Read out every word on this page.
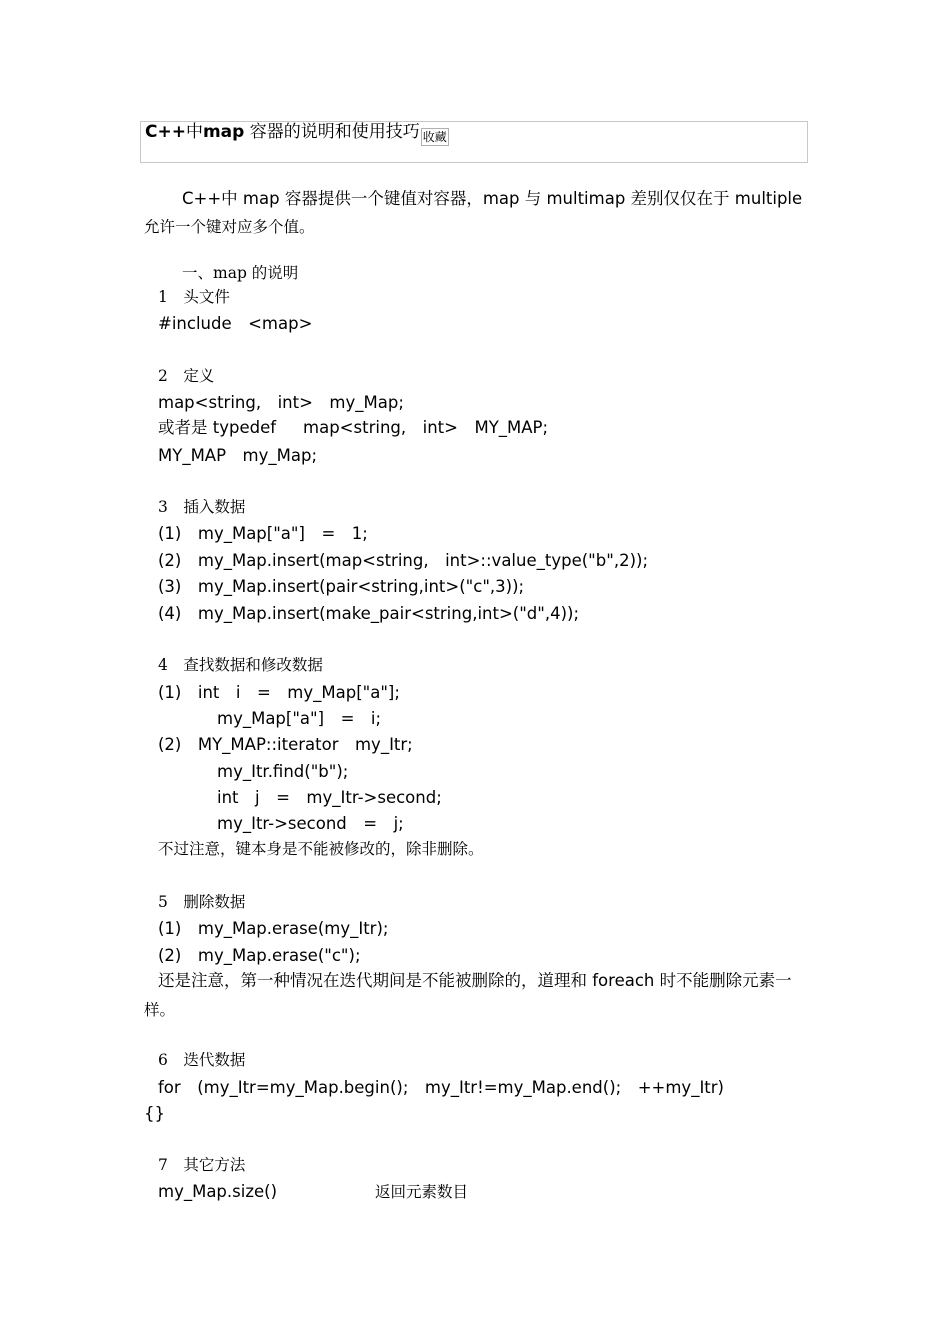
C++中map 容器的说明和使用技巧 收藏
C++中 map 容器提供一个键值对容器，map 与 multimap 差别仅仅在于 multiple
允许一个键对应多个值。
一、map 的说明
1　头文件
#include　<map>
2　定义
map<string,　int>　my_Map;
或者是 typedef　  map<string,　int>　MY_MAP;
MY_MAP　my_Map;
3　插入数据
(1)　my_Map["a"]　=　1;
(2)　my_Map.insert(map<string,　int>::value_type("b",2));
(3)　my_Map.insert(pair<string,int>("c",3));
(4)　my_Map.insert(make_pair<string,int>("d",4));
4　查找数据和修改数据
(1)　int　i　=　my_Map["a"];
my_Map["a"]　=　i;
(2)　MY_MAP::iterator　my_Itr;
my_Itr.find("b");
int　j　=　my_Itr->second;
my_Itr->second　=　j;
不过注意，键本身是不能被修改的，除非删除。
5　删除数据
(1)　my_Map.erase(my_Itr);
(2)　my_Map.erase("c");
还是注意，第一种情况在迭代期间是不能被删除的，道理和 foreach 时不能删除元素一
样。
6　迭代数据
for　(my_Itr=my_Map.begin();　my_Itr!=my_Map.end();　++my_Itr)
{}
7　其它方法
my_Map.size()	返回元素数目
